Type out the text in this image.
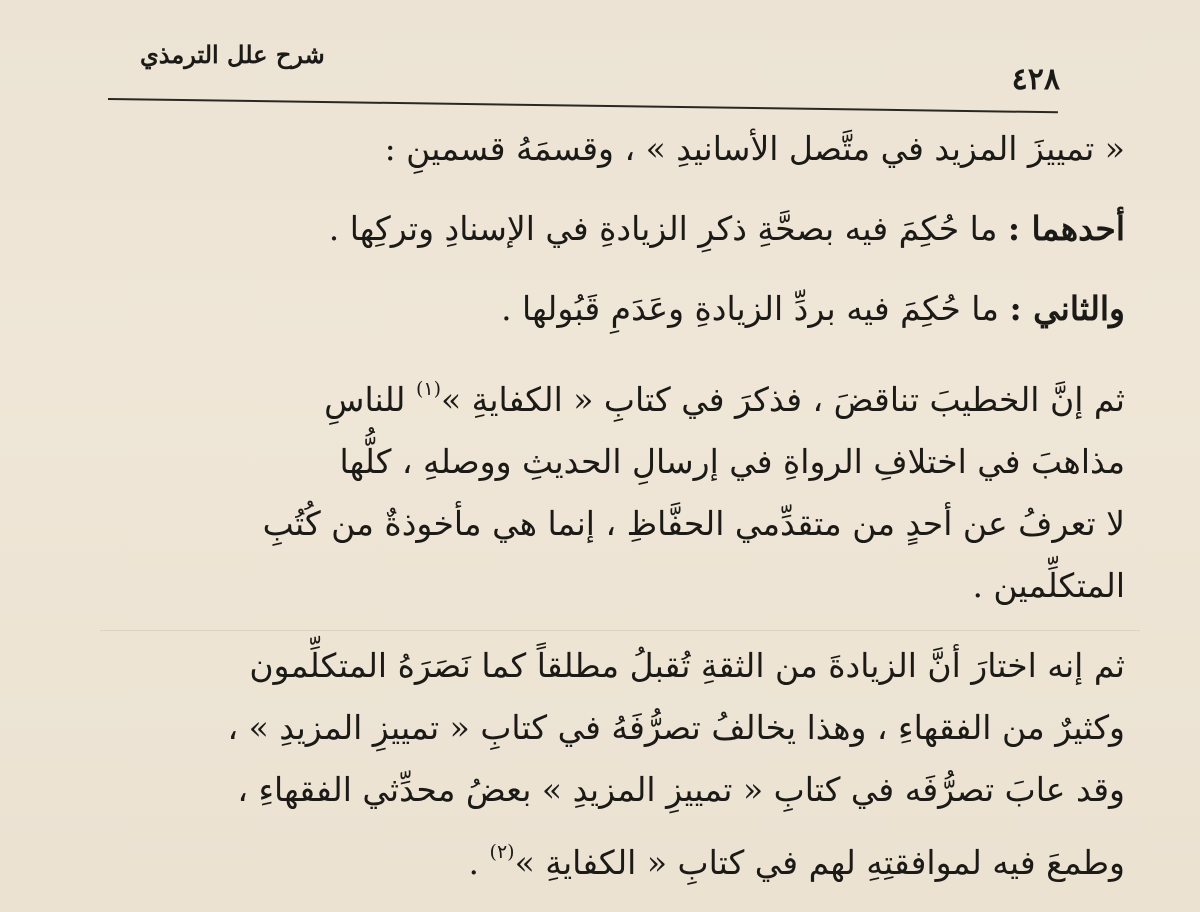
شرح علل الترمذي
٤٢٨
« تمييزَ المزيد في متَّصل الأسانيدِ » ، وقسمَهُ قسمينِ :
أحدهما : ما حُكِمَ فيه بصحَّةِ ذكرِ الزيادةِ في الإسنادِ وتركِها .
والثاني : ما حُكِمَ فيه بردِّ الزيادةِ وعَدَمِ قَبُولها .
ثم إنَّ الخطيبَ تناقضَ ، فذكرَ في كتابِ « الكفايةِ »$^{(١)}$ للناسِ
مذاهبَ في اختلافِ الرواةِ في إرسالِ الحديثِ ووصلهِ ، كلُّها
لا تعرفُ عن أحدٍ من متقدِّمي الحفَّاظِ ، إنما هي مأخوذةٌ من كُتُبِ
المتكلِّمين .
ثم إنه اختارَ أنَّ الزيادةَ من الثقةِ تُقبلُ مطلقاً كما نَصَرَهُ المتكلِّمون
وكثيرٌ من الفقهاءِ ، وهذا يخالفُ تصرُّفَهُ في كتابِ « تمييزِ المزيدِ » ،
وقد عابَ تصرُّفَه في كتابِ « تمييزِ المزيدِ » بعضُ محدِّثي الفقهاءِ ،
وطمعَ فيه لموافقتِهِ لهم في كتابِ « الكفايةِ »$^{(٢)}$ .
